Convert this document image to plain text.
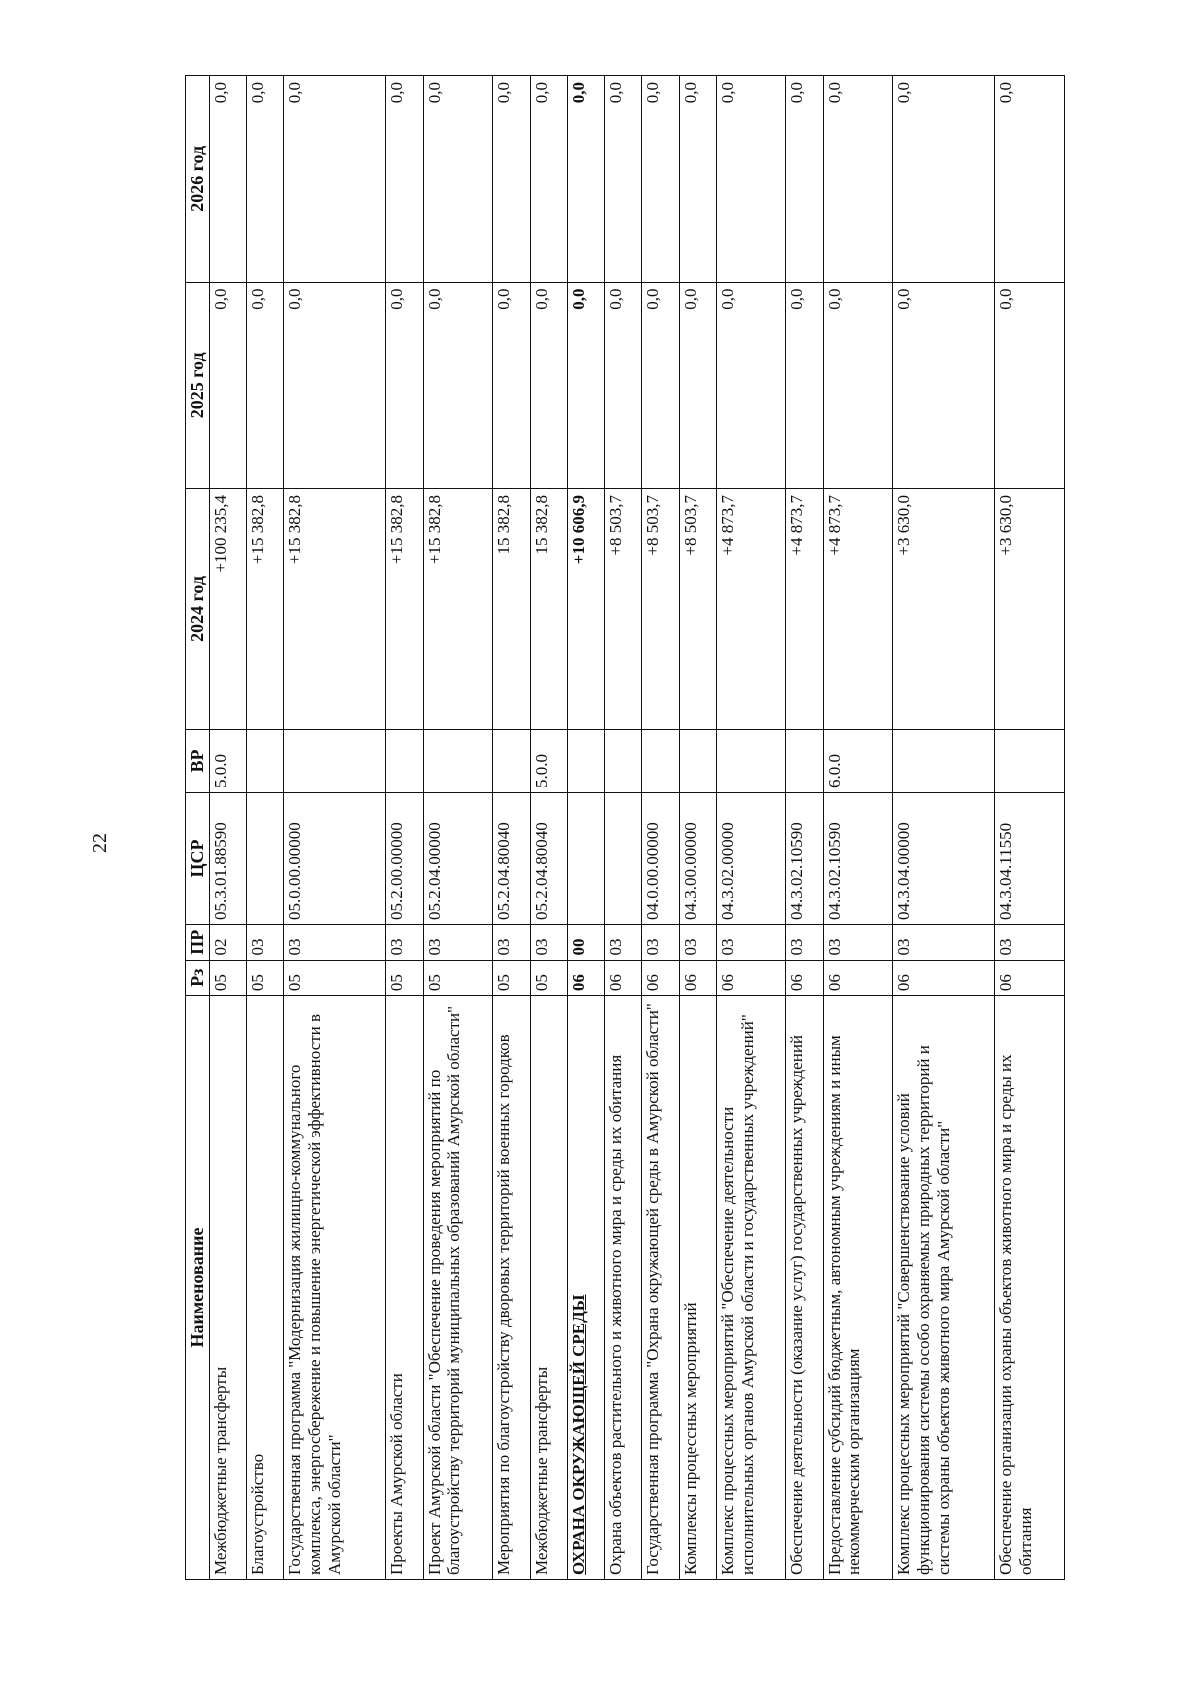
22
Наименование	Рз	ПР	ЦСР	ВР	2024 год	2025 год	2026 год
Межбюджетные трансферты	05	02	05.3.01.88590	5.0.0	+100 235,4	0,0	0,0
Благоустройство	05	03			+15 382,8	0,0	0,0
Государственная программа "Модернизация жилищно-коммунального комплекса, энергосбережение и повышение энергетической эффективности в Амурской области"	05	03	05.0.00.00000		+15 382,8	0,0	0,0
Проекты Амурской области	05	03	05.2.00.00000		+15 382,8	0,0	0,0
Проект Амурской области "Обеспечение проведения мероприятий по благоустройству территорий муниципальных образований Амурской области"	05	03	05.2.04.00000		+15 382,8	0,0	0,0
Мероприятия по благоустройству дворовых территорий военных городков	05	03	05.2.04.80040		15 382,8	0,0	0,0
Межбюджетные трансферты	05	03	05.2.04.80040	5.0.0	15 382,8	0,0	0,0
ОХРАНА ОКРУЖАЮЩЕЙ СРЕДЫ	06	00			+10 606,9	0,0	0,0
Охрана объектов растительного и животного мира и среды их обитания	06	03			+8 503,7	0,0	0,0
Государственная программа "Охрана окружающей среды в Амурской области"	06	03	04.0.00.00000		+8 503,7	0,0	0,0
Комплексы процессных мероприятий	06	03	04.3.00.00000		+8 503,7	0,0	0,0
Комплекс процессных мероприятий "Обеспечение деятельности исполнительных органов Амурской области и государственных учреждений"	06	03	04.3.02.00000		+4 873,7	0,0	0,0
Обеспечение деятельности (оказание услуг) государственных учреждений	06	03	04.3.02.10590		+4 873,7	0,0	0,0
Предоставление субсидий бюджетным, автономным учреждениям и иным некоммерческим организациям	06	03	04.3.02.10590	6.0.0	+4 873,7	0,0	0,0
Комплекс процессных мероприятий "Совершенствование условий функционирования системы особо охраняемых природных территорий и системы охраны объектов животного мира Амурской области"	06	03	04.3.04.00000		+3 630,0	0,0	0,0
Обеспечение организации охраны объектов животного мира и среды их обитания	06	03	04.3.04.11550		+3 630,0	0,0	0,0
